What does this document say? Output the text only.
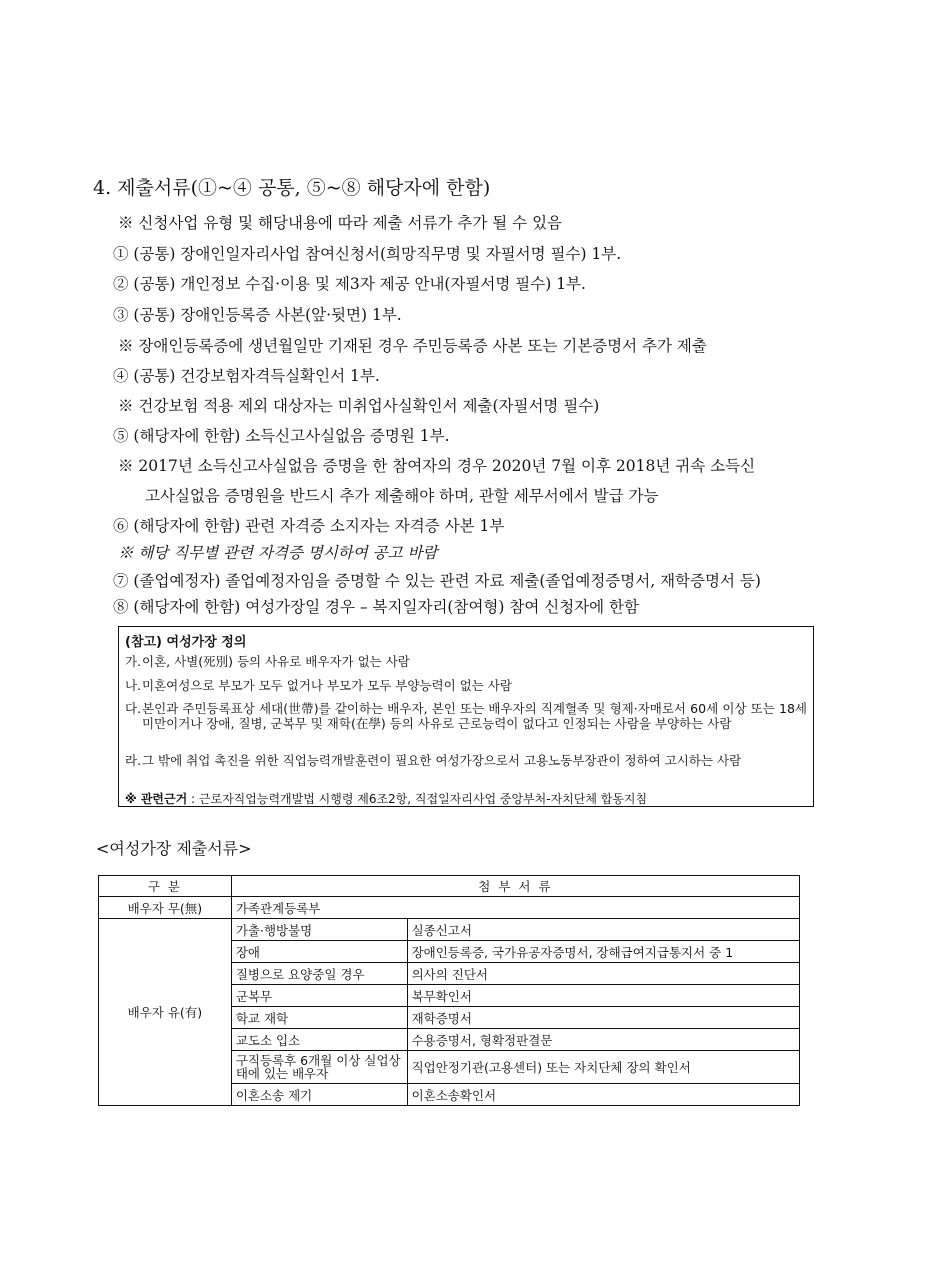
4. 제출서류(①~④ 공통, ⑤~⑧ 해당자에 한함)
※ 신청사업 유형 및 해당내용에 따라 제출 서류가 추가 될 수 있음
① (공통) 장애인일자리사업 참여신청서(희망직무명 및 자필서명 필수) 1부.
② (공통) 개인정보 수집·이용 및 제3자 제공 안내(자필서명 필수) 1부.
③ (공통) 장애인등록증 사본(앞·뒷면) 1부.
※ 장애인등록증에 생년월일만 기재된 경우 주민등록증 사본 또는 기본증명서 추가 제출
④ (공통) 건강보험자격득실확인서 1부.
※ 건강보험 적용 제외 대상자는 미취업사실확인서 제출(자필서명 필수)
⑤ (해당자에 한함) 소득신고사실없음 증명원 1부.
※ 2017년 소득신고사실없음 증명을 한 참여자의 경우 2020년 7월 이후 2018년 귀속 소득신
고사실없음 증명원을 반드시 추가 제출해야 하며, 관할 세무서에서 발급 가능
⑥ (해당자에 한함) 관련 자격증 소지자는 자격증 사본 1부
※ 해당 직무별 관련 자격증 명시하여 공고 바람
⑦ (졸업예정자) 졸업예정자임을 증명할 수 있는 관련 자료 제출(졸업예정증명서, 재학증명서 등)
⑧ (해당자에 한함) 여성가장일 경우 – 복지일자리(참여형) 참여 신청자에 한함
(참고) 여성가장 정의
가. 이혼, 사별(死別) 등의 사유로 배우자가 없는 사람
나. 미혼여성으로 부모가 모두 없거나 부모가 모두 부양능력이 없는 사람
다. 본인과 주민등록표상 세대(世帶)를 같이하는 배우자, 본인 또는 배우자의 직계혈족 및 형제·자매로서 60세 이상 또는 18세 미만이거나 장애, 질병, 군복무 및 재학(在學) 등의 사유로 근로능력이 없다고 인정되는 사람을 부양하는 사람
라. 그 밖에 취업 촉진을 위한 직업능력개발훈련이 필요한 여성가장으로서 고용노동부장관이 정하여 고시하는 사람
※ 관련근거 : 근로자직업능력개발법 시행령 제6조2항, 직접일자리사업 중앙부처-자치단체 합동지침
<여성가장 제출서류>
구 분	첨 부 서 류	
배우자 무(無)	가족관계등록부	
배우자 유(有)	가출·행방불명	실종신고서
	장애	장애인등록증, 국가유공자증명서, 장해급여지급통지서 중 1
	질병으로 요양중일 경우	의사의 진단서
	군복무	복무확인서
	학교 재학	재학증명서
	교도소 입소	수용증명서, 형확정판결문
	구직등록후 6개월 이상 실업상태에 있는 배우자	직업안정기관(고용센터) 또는 자치단체 장의 확인서
	이혼소송 제기	이혼소송확인서
